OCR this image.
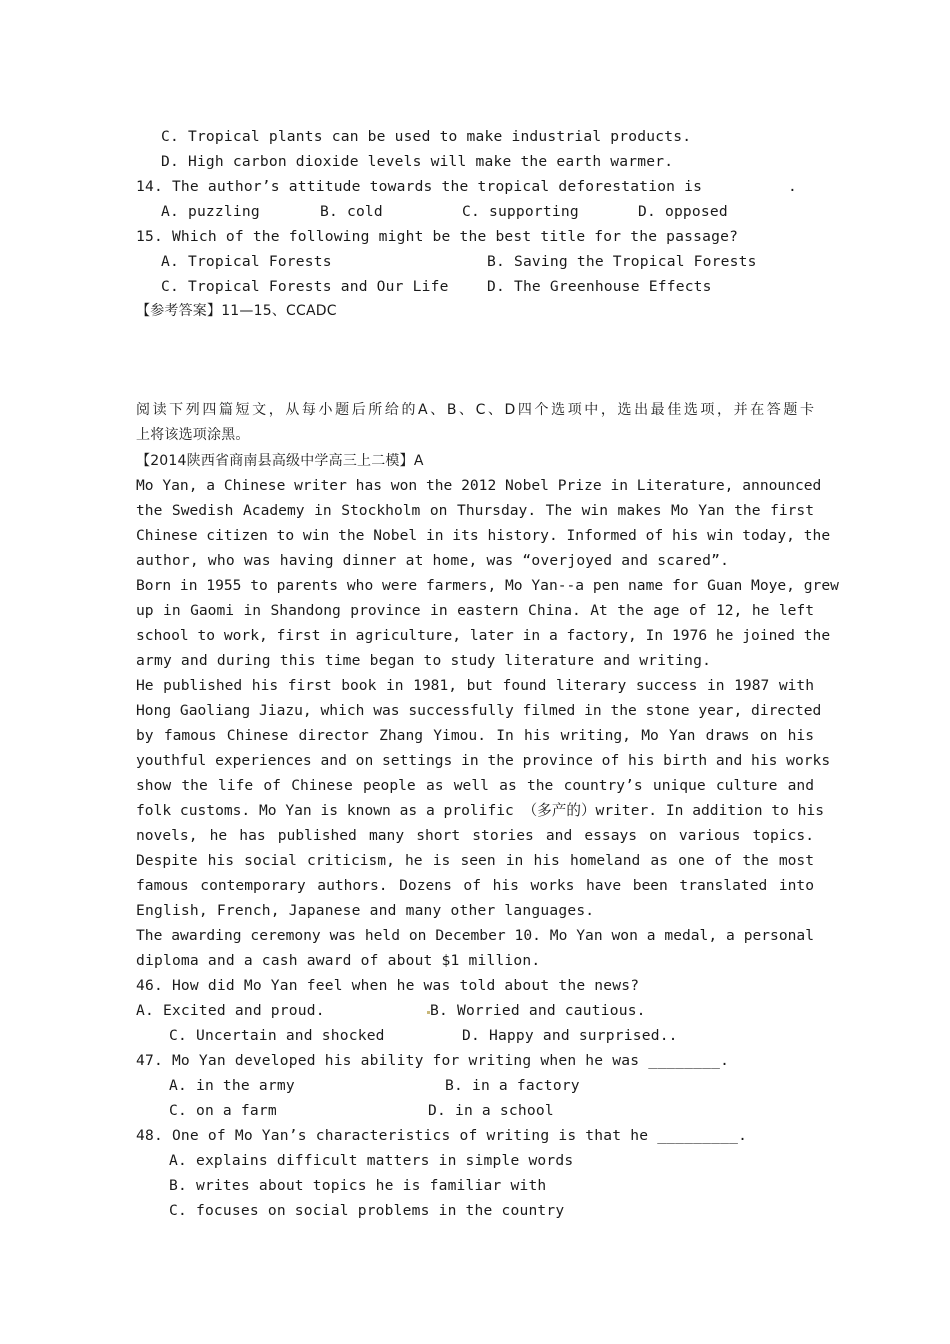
C. Tropical plants can be used to make industrial products.
D. High carbon dioxide levels will make the earth warmer.
14. The author’s attitude towards the tropical deforestation is	.
A. puzzling	B. cold	C. supporting	D. opposed
15. Which of the following might be the best title for the passage?
A. Tropical Forests	B. Saving the Tropical Forests
C. Tropical Forests and Our Life	D. The Greenhouse Effects
【参考答案】11—15、CCADC
阅读下列四篇短文，从每小题后所给的A、B、C、D四个选项中，选出最佳选项，并在答题卡
上将该选项涂黑。
【2014陕西省商南县高级中学高三上二模】A
Mo Yan, a Chinese writer has won the 2012 Nobel Prize in Literature, announced
the Swedish Academy in Stockholm on Thursday. The win makes Mo Yan the first
Chinese citizen to win the Nobel in its history. Informed of his win today, the
author, who was having dinner at home, was “overjoyed and scared”.
Born in 1955 to parents who were farmers, Mo Yan--a pen name for Guan Moye, grew
up in Gaomi in Shandong province in eastern China. At the age of 12, he left
school to work, first in agriculture, later in a factory, In 1976 he joined the
army and during this time began to study literature and writing.
He published his first book in 1981, but found literary success in 1987 with
Hong Gaoliang Jiazu, which was successfully filmed in the stone year, directed
by famous Chinese director Zhang Yimou. In his writing, Mo Yan draws on his
youthful experiences and on settings in the province of his birth and his works
show the life of Chinese people as well as the country’s unique culture and
folk customs. Mo Yan is known as a prolific （多产的）writer. In addition to his
novels, he has published many short stories and essays on various topics.
Despite his social criticism, he is seen in his homeland as one of the most
famous contemporary authors. Dozens of his works have been translated into
English, French, Japanese and many other languages.
The awarding ceremony was held on December 10. Mo Yan won a medal, a personal
diploma and a cash award of about $1 million.
46. How did Mo Yan feel when he was told about the news?
A. Excited and proud.	B. Worried and cautious.
C. Uncertain and shocked	D. Happy and surprised..
47. Mo Yan developed his ability for writing when he was ________.
A. in the army	B. in a factory
C. on a farm	D. in a school
48. One of Mo Yan’s characteristics of writing is that he _________.
A. explains difficult matters in simple words
B. writes about topics he is familiar with
C. focuses on social problems in the country
